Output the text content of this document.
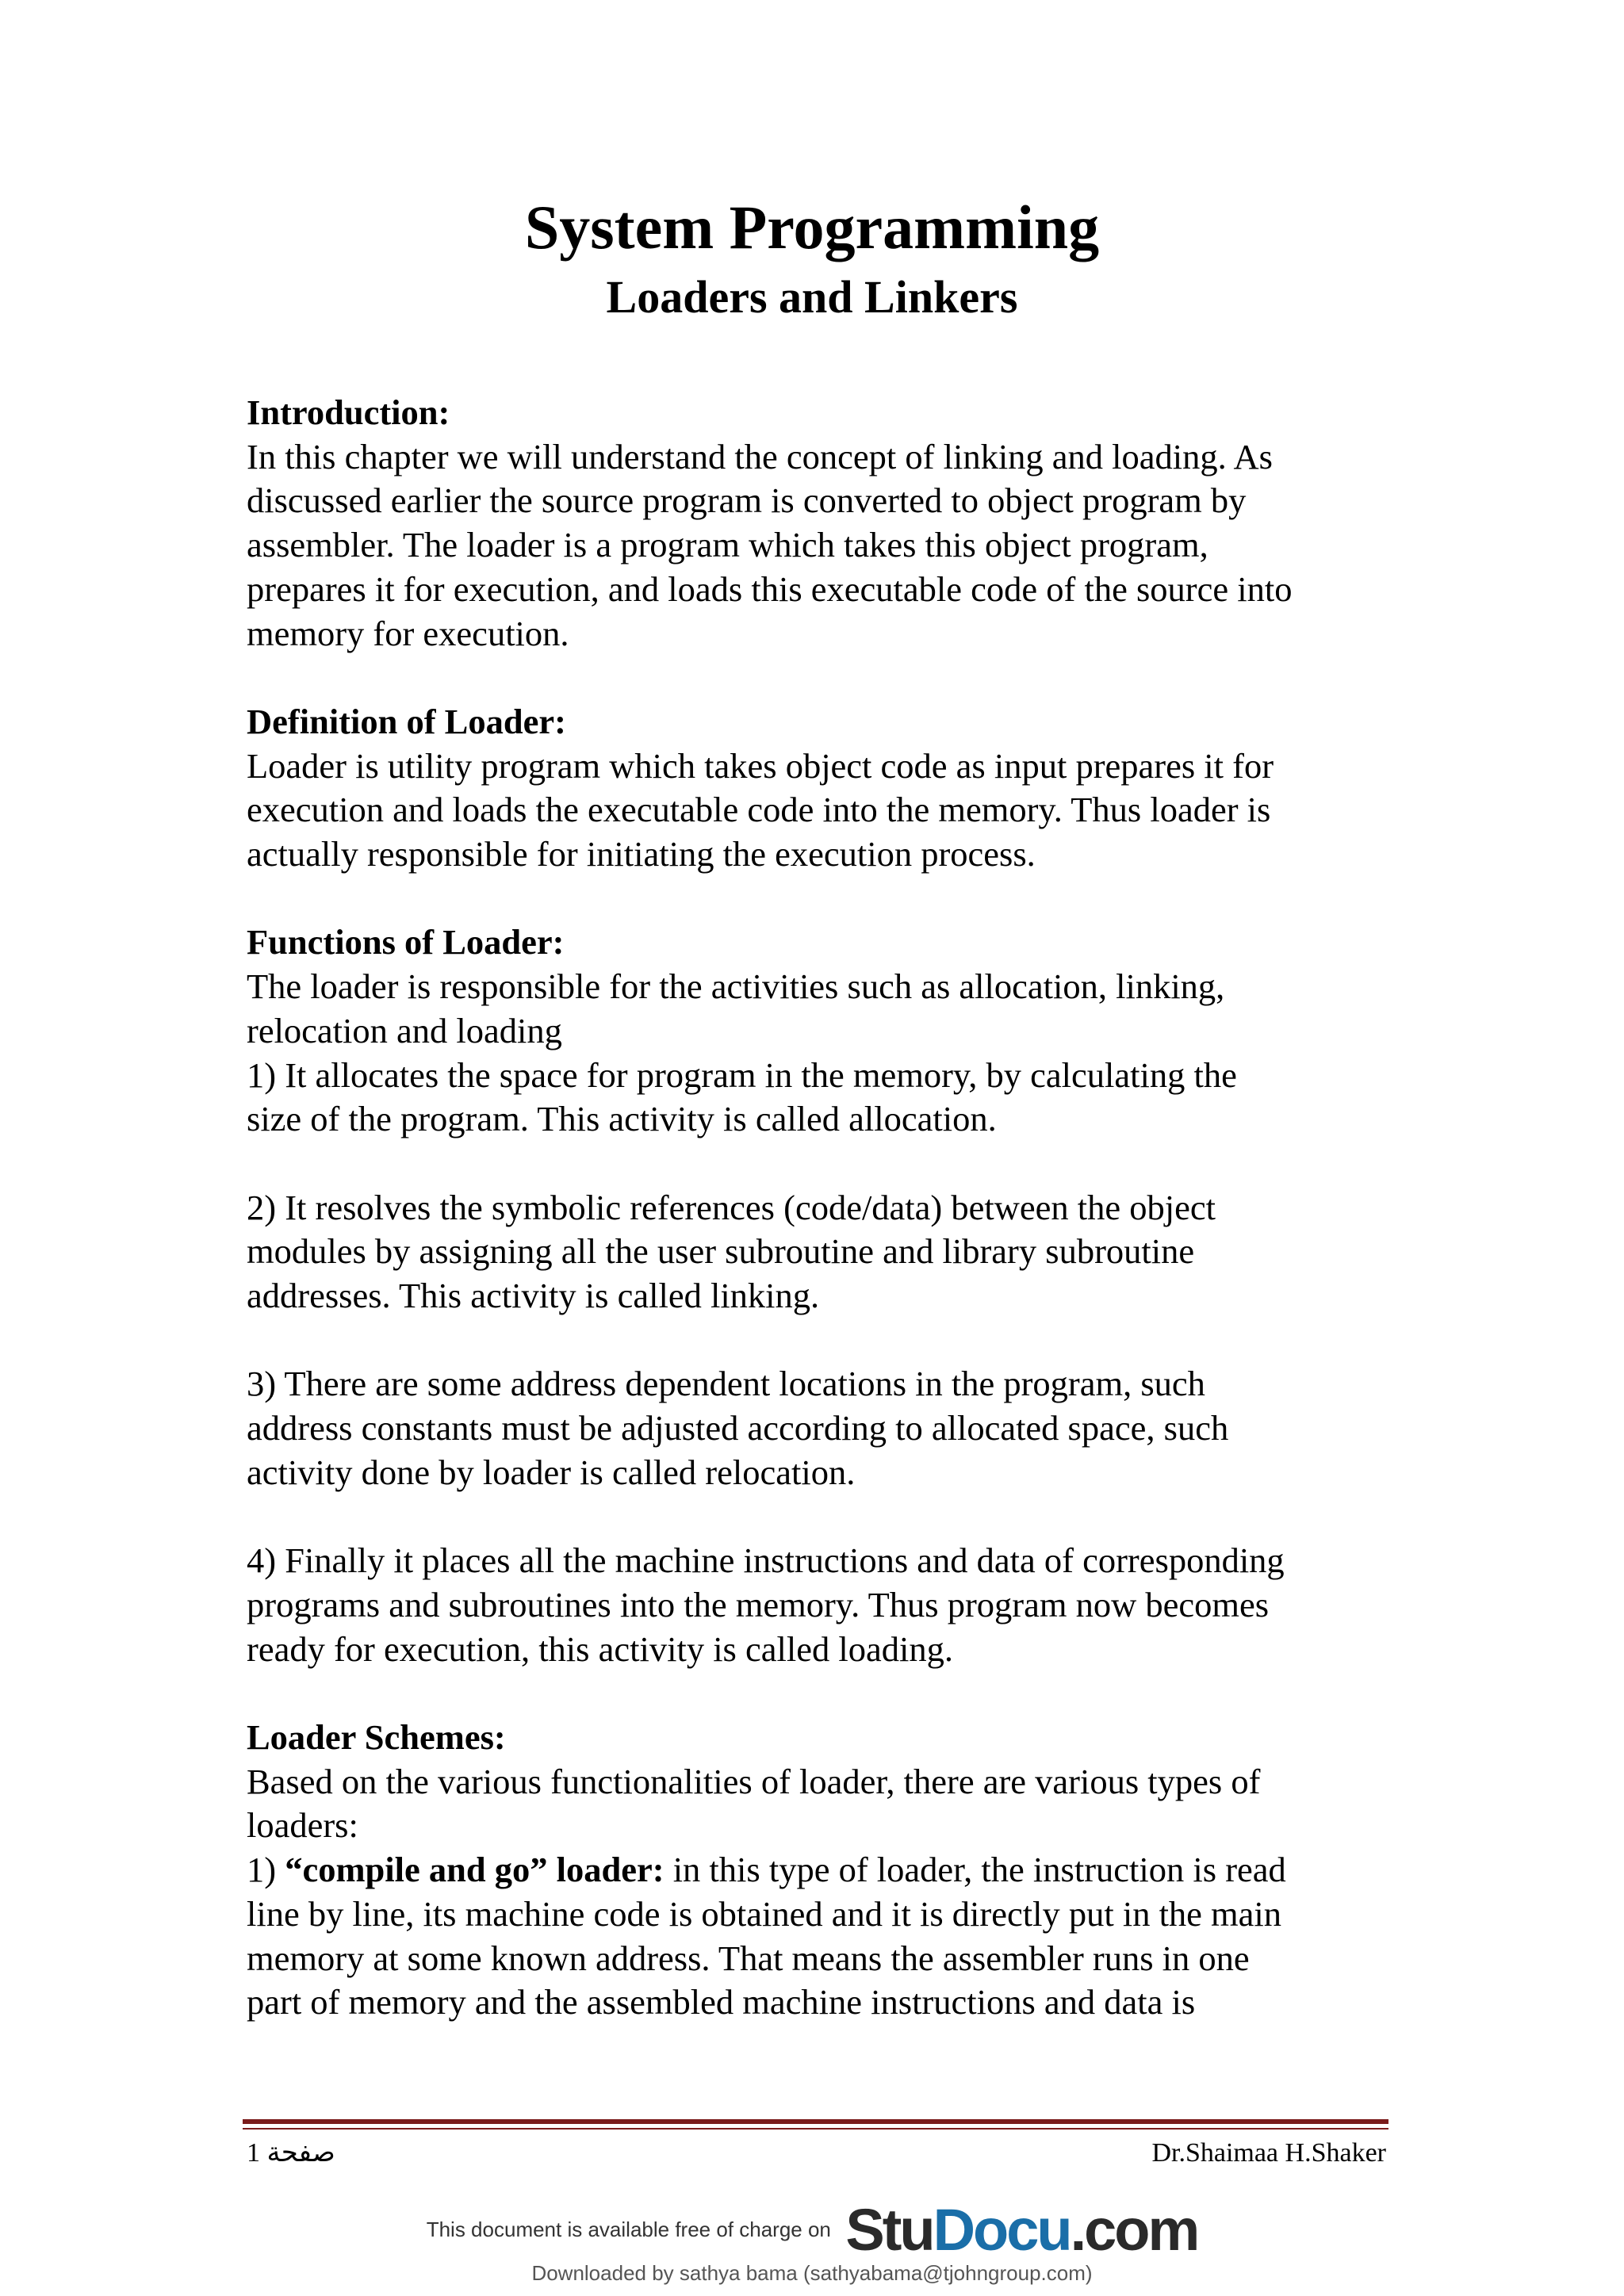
System Programming
Loaders and Linkers

Introduction:

In this chapter we will understand the concept of linking and loading. As

discussed earlier the source program is converted to object program by

assembler. The loader is a program which takes this object program,

prepares it for execution, and loads this executable code of the source into

memory for execution.

Definition of Loader:

Loader is utility program which takes object code as input prepares it for

execution and loads the executable code into the memory. Thus loader is

actually responsible for initiating the execution process.

Functions of Loader:

The loader is responsible for the activities such as allocation, linking,

relocation and loading

1) It allocates the space for program in the memory, by calculating the

size of the program. This activity is called allocation.

2) It resolves the symbolic references (code/data) between the object

modules by assigning all the user subroutine and library subroutine

addresses. This activity is called linking.

3) There are some address dependent locations in the program, such

address constants must be adjusted according to allocated space, such

activity done by loader is called relocation.

4) Finally it places all the machine instructions and data of corresponding

programs and subroutines into the memory. Thus program now becomes

ready for execution, this activity is called loading.

Loader Schemes:

Based on the various functionalities of loader, there are various types of

loaders:

1) “compile and go” loader: in this type of loader, the instruction is read

line by line, its machine code is obtained and it is directly put in the main

memory at some known address. That means the assembler runs in one

part of memory and the assembled machine instructions and data is

صفحة 1	Dr.Shaimaa H.Shaker
This document is available free of charge on StuDocu.com
Downloaded by sathya bama (sathyabama@tjohngroup.com)
